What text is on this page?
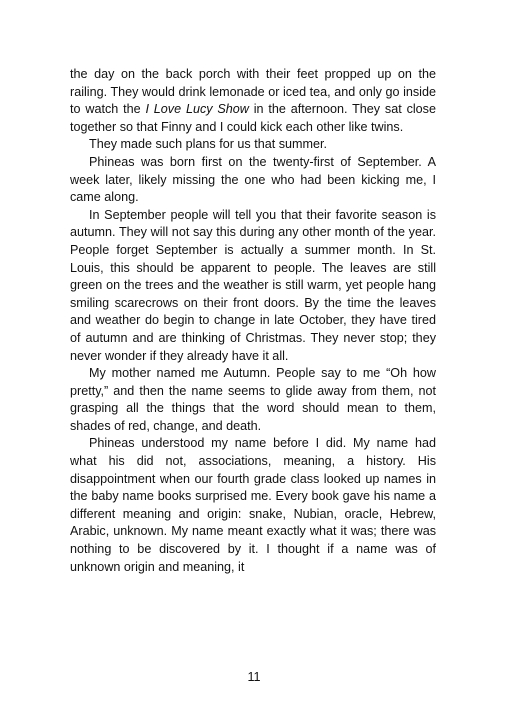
the day on the back porch with their feet propped up on the railing. They would drink lemonade or iced tea, and only go inside to watch the I Love Lucy Show in the afternoon. They sat close together so that Finny and I could kick each other like twins.

They made such plans for us that summer.

Phineas was born first on the twenty-first of September. A week later, likely missing the one who had been kicking me, I came along.

In September people will tell you that their favorite season is autumn. They will not say this during any other month of the year. People forget September is actually a summer month. In St. Louis, this should be apparent to people. The leaves are still green on the trees and the weather is still warm, yet people hang smiling scarecrows on their front doors. By the time the leaves and weather do begin to change in late October, they have tired of autumn and are thinking of Christmas. They never stop; they never wonder if they already have it all.

My mother named me Autumn. People say to me “Oh how pretty,” and then the name seems to glide away from them, not grasping all the things that the word should mean to them, shades of red, change, and death.

Phineas understood my name before I did. My name had what his did not, associations, meaning, a history. His disappointment when our fourth grade class looked up names in the baby name books surprised me. Every book gave his name a different meaning and origin: snake, Nubian, oracle, Hebrew, Arabic, unknown. My name meant exactly what it was; there was nothing to be discovered by it. I thought if a name was of unknown origin and meaning, it

11
